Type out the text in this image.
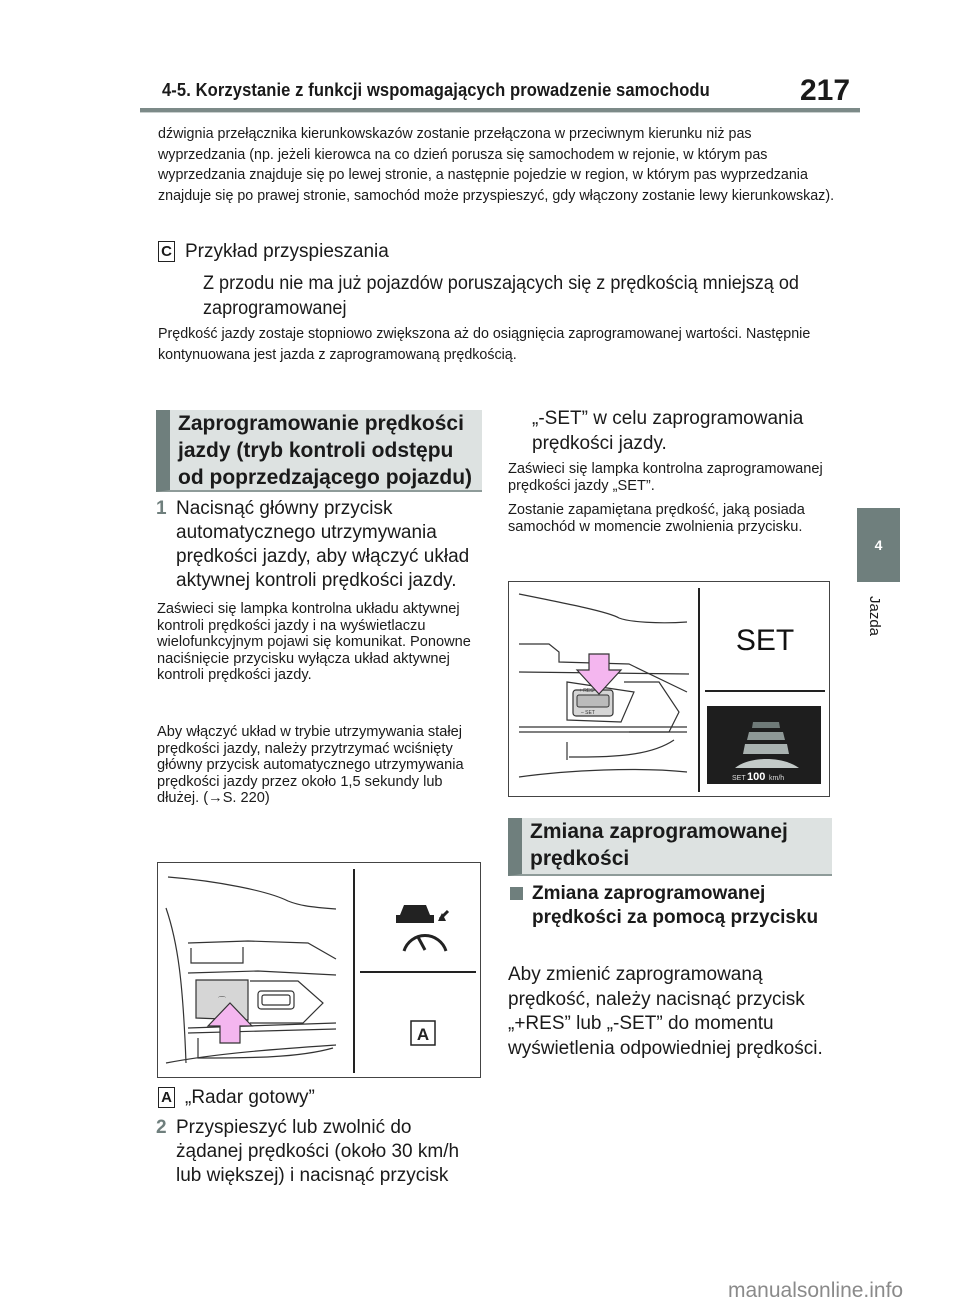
4-5. Korzystanie z funkcji wspomagających prowadzenie samochodu	217
4
Jazda
dźwignia przełącznika kierunkowskazów zostanie przełączona w przeciwnym kierunku niż pas wyprzedzania (np. jeżeli kierowca na co dzień porusza się samochodem w rejonie, w którym pas wyprzedzania znajduje się po lewej stronie, a następnie pojedzie w region, w którym pas wyprzedzania znajduje się po prawej stronie, samochód może przyspieszyć, gdy włączony zostanie lewy kierunkowskaz).
C Przykład przyspieszania
Z przodu nie ma już pojazdów poruszających się z prędkością mniejszą od zaprogramowanej
Prędkość jazdy zostaje stopniowo zwiększona aż do osiągnięcia zaprogramowanej wartości. Następnie kontynuowana jest jazda z zaprogramowaną prędkością.
Zaprogramowanie prędkości jazdy (tryb kontroli odstępu od poprzedzającego pojazdu)
1 Nacisnąć główny przycisk automatycznego utrzymywania prędkości jazdy, aby włączyć układ aktywnej kontroli prędkości jazdy.
Zaświeci się lampka kontrolna układu aktywnej kontroli prędkości jazdy i na wyświetlaczu wielofunkcyjnym pojawi się komunikat. Ponowne naciśnięcie przycisku wyłącza układ aktywnej kontroli prędkości jazdy.
Aby włączyć układ w trybie utrzymywania stałej prędkości jazdy, należy przytrzymać wciśnięty główny przycisk automatycznego utrzymywania prędkości jazdy przez około 1,5 sekundy lub dłużej. (→S. 220)
⌒
A
A „Radar gotowy”
2 Przyspieszyć lub zwolnić do żądanej prędkości (około 30 km/h lub większej) i nacisnąć przycisk
„-SET” w celu zaprogramowania prędkości jazdy.
Zaświeci się lampka kontrolna zaprogramowanej prędkości jazdy „SET”.
Zostanie zapamiętana prędkość, jaką posiada samochód w momencie zwolnienia przycisku.
+ RES
– SET
SET
SET 100 km/h
Zmiana zaprogramowanej prędkości
Zmiana zaprogramowanej prędkości za pomocą przycisku
Aby zmienić zaprogramowaną prędkość, należy nacisnąć przycisk „+RES” lub „-SET” do momentu wyświetlenia odpowiedniej prędkości.
manualsonline.info
